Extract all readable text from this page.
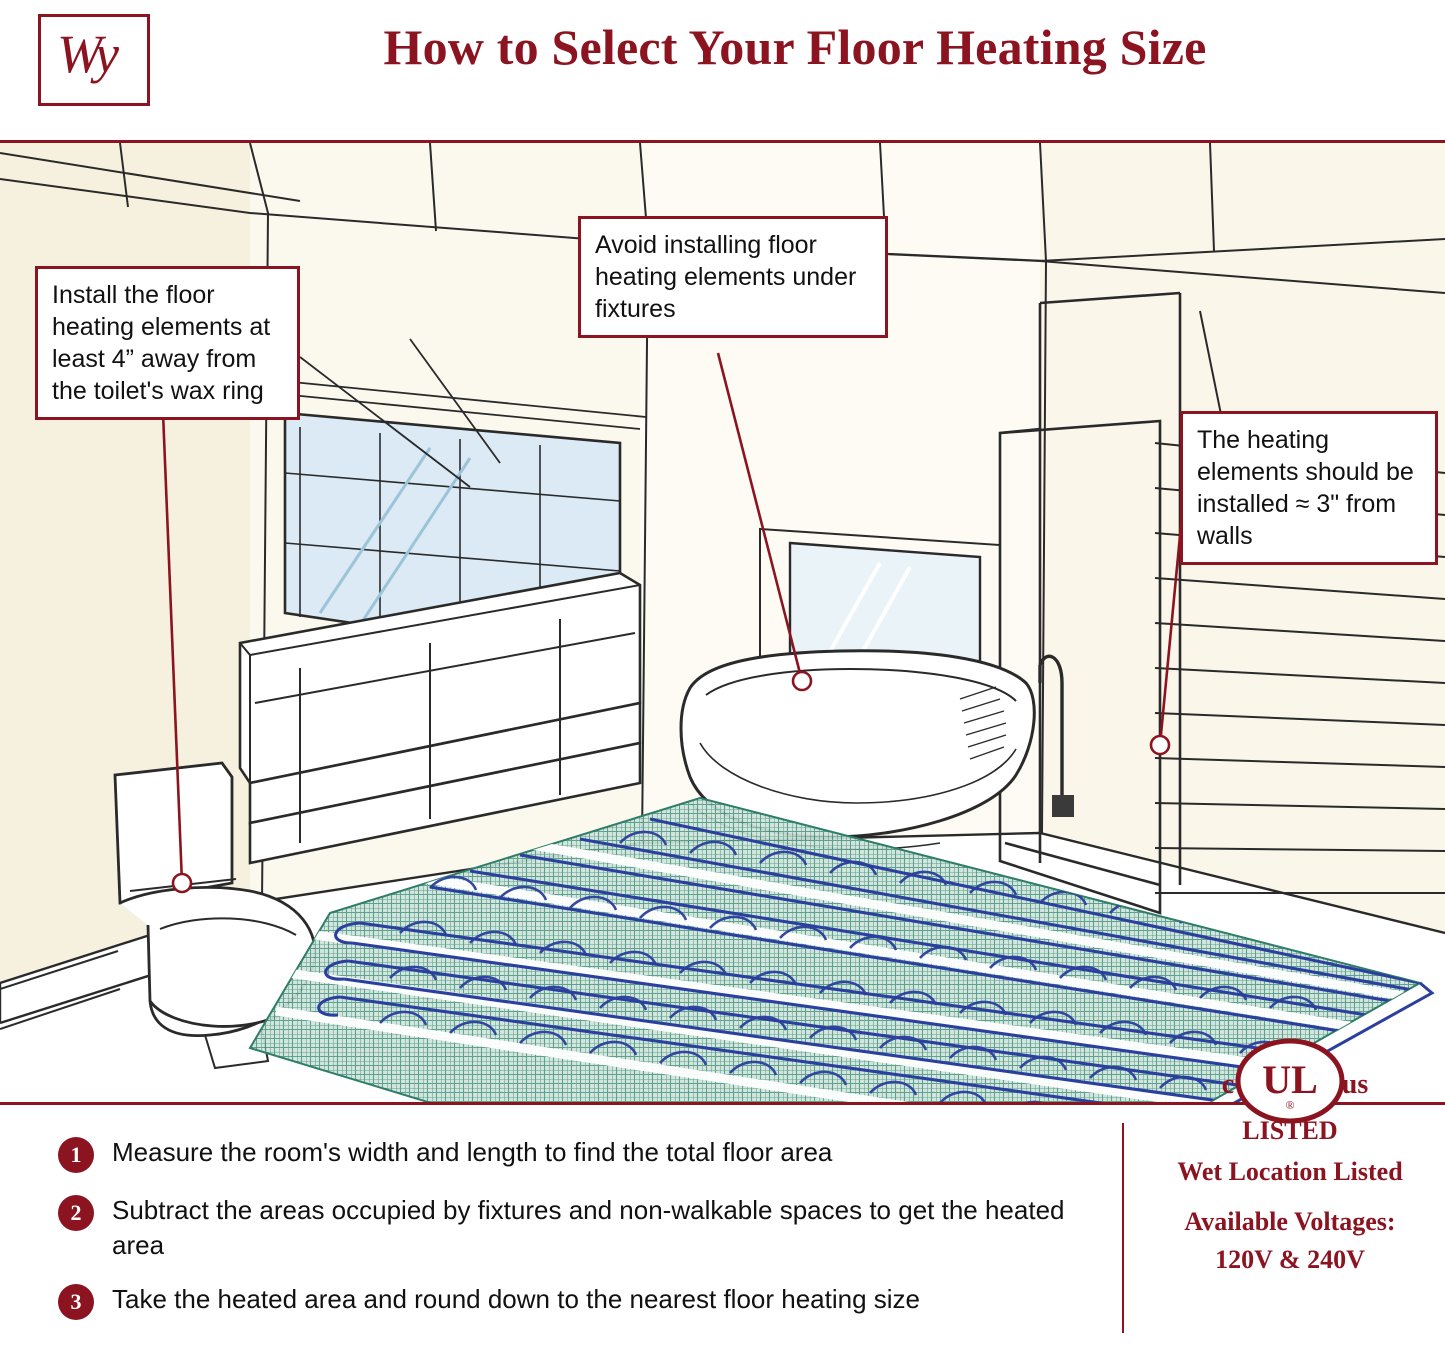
Wy	How to Select Your Floor Heating Size
Install the floor heating elements at least 4” away from the toilet's wax ring
Avoid installing floor heating elements under fixtures
The heating elements should be installed ≈ 3" from walls
1	Measure the room's width and length to find the total floor area
2	Subtract the areas occupied by fixtures and non-walkable spaces to get the heated area
3	Take the heated area and round down to the nearest floor heating size
UL
®
c	us
LISTED
Wet Location Listed
Available Voltages:
120V & 240V
